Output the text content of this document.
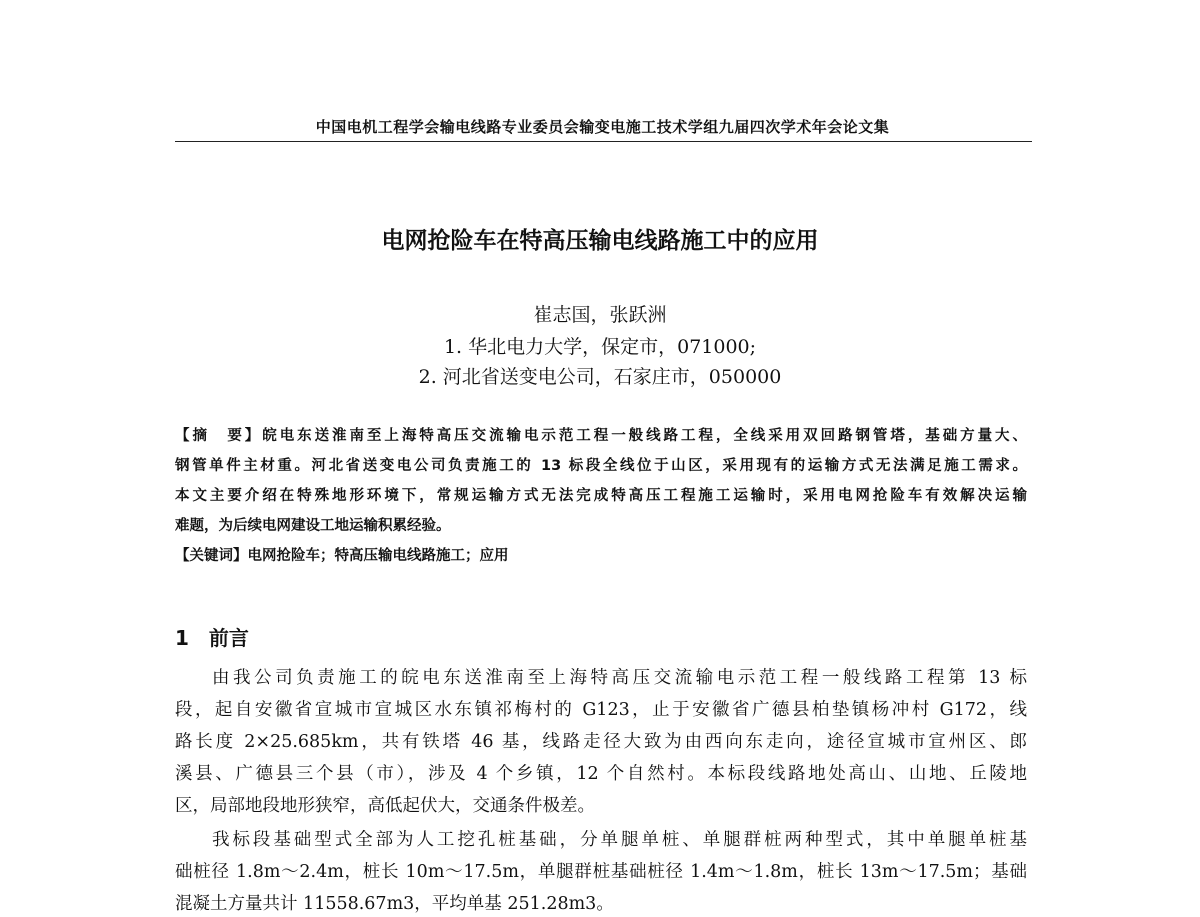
中国电机工程学会输电线路专业委员会输变电施工技术学组九届四次学术年会论文集
电网抢险车在特高压输电线路施工中的应用
崔志国，张跃洲
1. 华北电力大学，保定市，071000;
2. 河北省送变电公司，石家庄市，050000
【摘　要】皖电东送淮南至上海特高压交流输电示范工程一般线路工程，全线采用双回路钢管塔，基础方量大、
钢管单件主材重。河北省送变电公司负责施工的 13 标段全线位于山区，采用现有的运输方式无法满足施工需求。
本文主要介绍在特殊地形环境下，常规运输方式无法完成特高压工程施工运输时，采用电网抢险车有效解决运输
难题，为后续电网建设工地运输积累经验。
【关键词】电网抢险车；特高压输电线路施工；应用
1  前言
由我公司负责施工的皖电东送淮南至上海特高压交流输电示范工程一般线路工程第 13 标
段，起自安徽省宣城市宣城区水东镇祁梅村的 G123，止于安徽省广德县柏垫镇杨冲村 G172，线
路长度 2×25.685km，共有铁塔 46 基，线路走径大致为由西向东走向，途径宣城市宣州区、郎
溪县、广德县三个县（市），涉及 4 个乡镇，12 个自然村。本标段线路地处高山、山地、丘陵地
区，局部地段地形狭窄，高低起伏大，交通条件极差。
我标段基础型式全部为人工挖孔桩基础，分单腿单桩、单腿群桩两种型式，其中单腿单桩基
础桩径 1.8m～2.4m，桩长 10m～17.5m，单腿群桩基础桩径 1.4m～1.8m，桩长 13m～17.5m；基础
混凝土方量共计 11558.67m3，平均单基 251.28m3。
